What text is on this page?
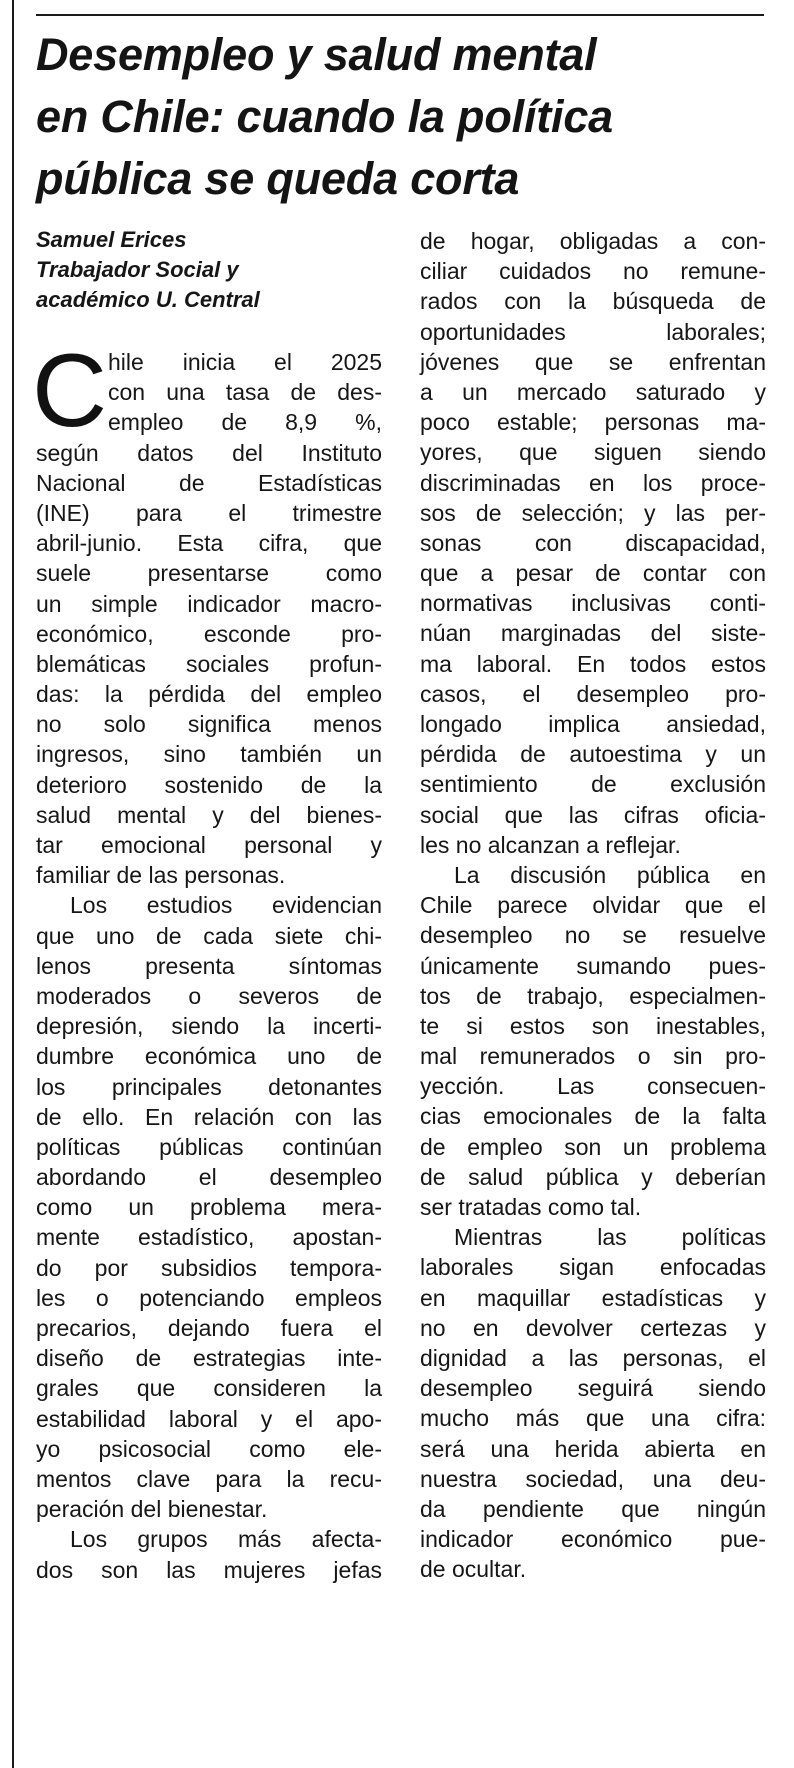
Desempleo y salud mental
en Chile: cuando la política
pública se queda corta
Samuel Erices
Trabajador Social y
académico U. Central
C hile inicia el 2025
con una tasa de des-
empleo de 8,9 %,
según datos del Instituto
Nacional de Estadísticas
(INE) para el trimestre
abril-junio. Esta cifra, que
suele presentarse como
un simple indicador macro-
económico, esconde pro-
blemáticas sociales profun-
das: la pérdida del empleo
no solo significa menos
ingresos, sino también un
deterioro sostenido de la
salud mental y del bienes-
tar emocional personal y
familiar de las personas.
Los estudios evidencian
que uno de cada siete chi-
lenos presenta síntomas
moderados o severos de
depresión, siendo la incerti-
dumbre económica uno de
los principales detonantes
de ello. En relación con las
políticas públicas continúan
abordando el desempleo
como un problema mera-
mente estadístico, apostan-
do por subsidios tempora-
les o potenciando empleos
precarios, dejando fuera el
diseño de estrategias inte-
grales que consideren la
estabilidad laboral y el apo-
yo psicosocial como ele-
mentos clave para la recu-
peración del bienestar.
Los grupos más afecta-
dos son las mujeres jefas
de hogar, obligadas a con-
ciliar cuidados no remune-
rados con la búsqueda de
oportunidades laborales;
jóvenes que se enfrentan
a un mercado saturado y
poco estable; personas ma-
yores, que siguen siendo
discriminadas en los proce-
sos de selección; y las per-
sonas con discapacidad,
que a pesar de contar con
normativas inclusivas conti-
núan marginadas del siste-
ma laboral. En todos estos
casos, el desempleo pro-
longado implica ansiedad,
pérdida de autoestima y un
sentimiento de exclusión
social que las cifras oficia-
les no alcanzan a reflejar.
La discusión pública en
Chile parece olvidar que el
desempleo no se resuelve
únicamente sumando pues-
tos de trabajo, especialmen-
te si estos son inestables,
mal remunerados o sin pro-
yección. Las consecuen-
cias emocionales de la falta
de empleo son un problema
de salud pública y deberían
ser tratadas como tal.
Mientras las políticas
laborales sigan enfocadas
en maquillar estadísticas y
no en devolver certezas y
dignidad a las personas, el
desempleo seguirá siendo
mucho más que una cifra:
será una herida abierta en
nuestra sociedad, una deu-
da pendiente que ningún
indicador económico pue-
de ocultar.
